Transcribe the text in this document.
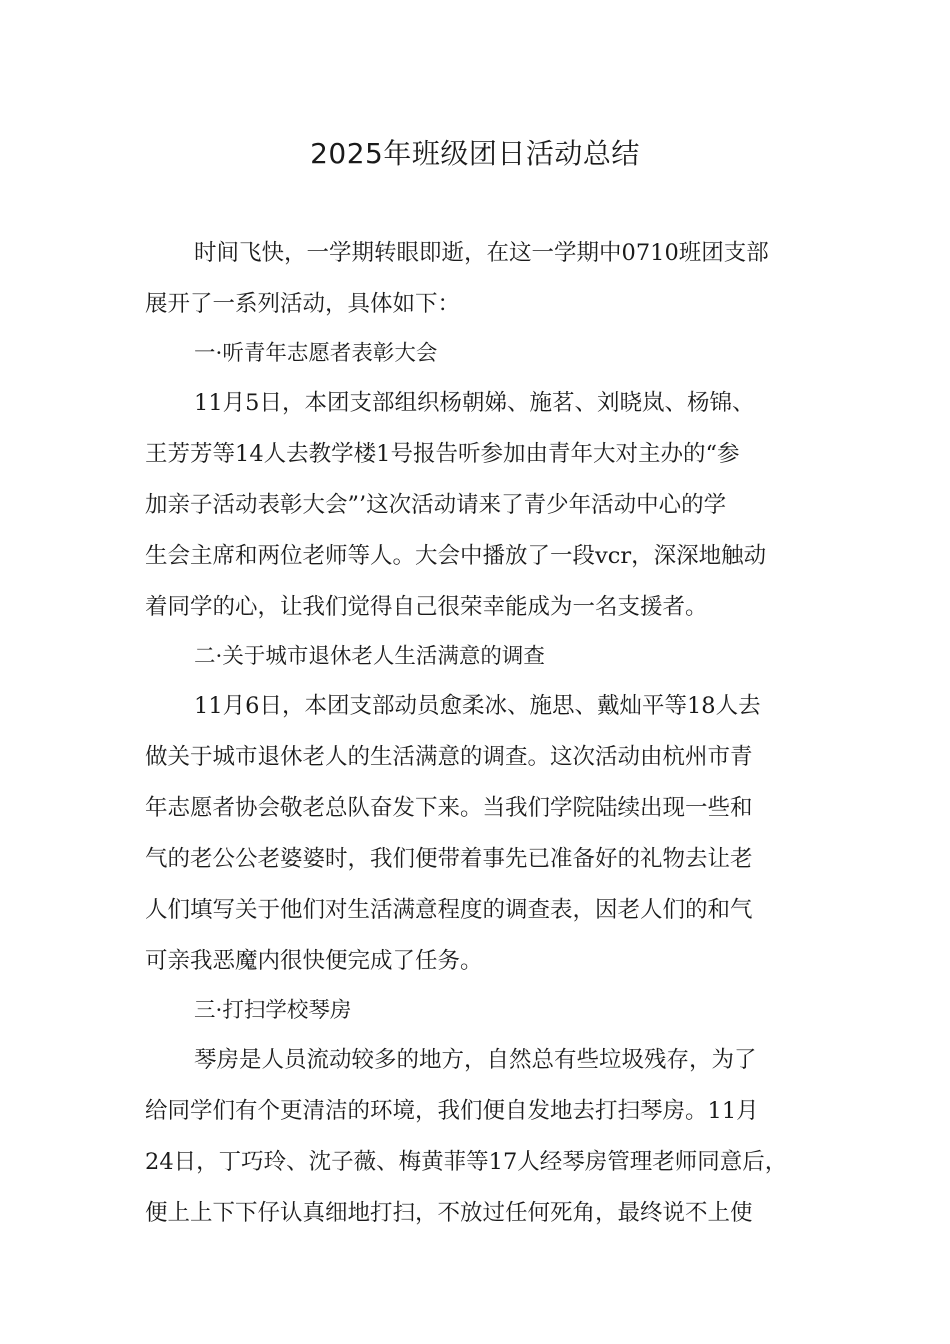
2025年班级团日活动总结
时间飞快，一学期转眼即逝，在这一学期中0710班团支部
展开了一系列活动，具体如下：
一·听青年志愿者表彰大会
11月5日，本团支部组织杨朝娣、施茗、刘晓岚、杨锦、
王芳芳等14人去教学楼1号报告听参加由青年大对主办的“参
加亲子活动表彰大会”’这次活动请来了青少年活动中心的学
生会主席和两位老师等人。大会中播放了一段vcr，深深地触动
着同学的心，让我们觉得自己很荣幸能成为一名支援者。
二·关于城市退休老人生活满意的调查
11月6日，本团支部动员愈柔冰、施思、戴灿平等18人去
做关于城市退休老人的生活满意的调查。这次活动由杭州市青
年志愿者协会敬老总队奋发下来。当我们学院陆续出现一些和
气的老公公老婆婆时，我们便带着事先已准备好的礼物去让老
人们填写关于他们对生活满意程度的调查表，因老人们的和气
可亲我恶魔内很快便完成了任务。
三·打扫学校琴房
琴房是人员流动较多的地方，自然总有些垃圾残存，为了
给同学们有个更清洁的环境，我们便自发地去打扫琴房。11月
24日，丁巧玲、沈子薇、梅黄菲等17人经琴房管理老师同意后，
便上上下下仔认真细地打扫，不放过任何死角，最终说不上使
